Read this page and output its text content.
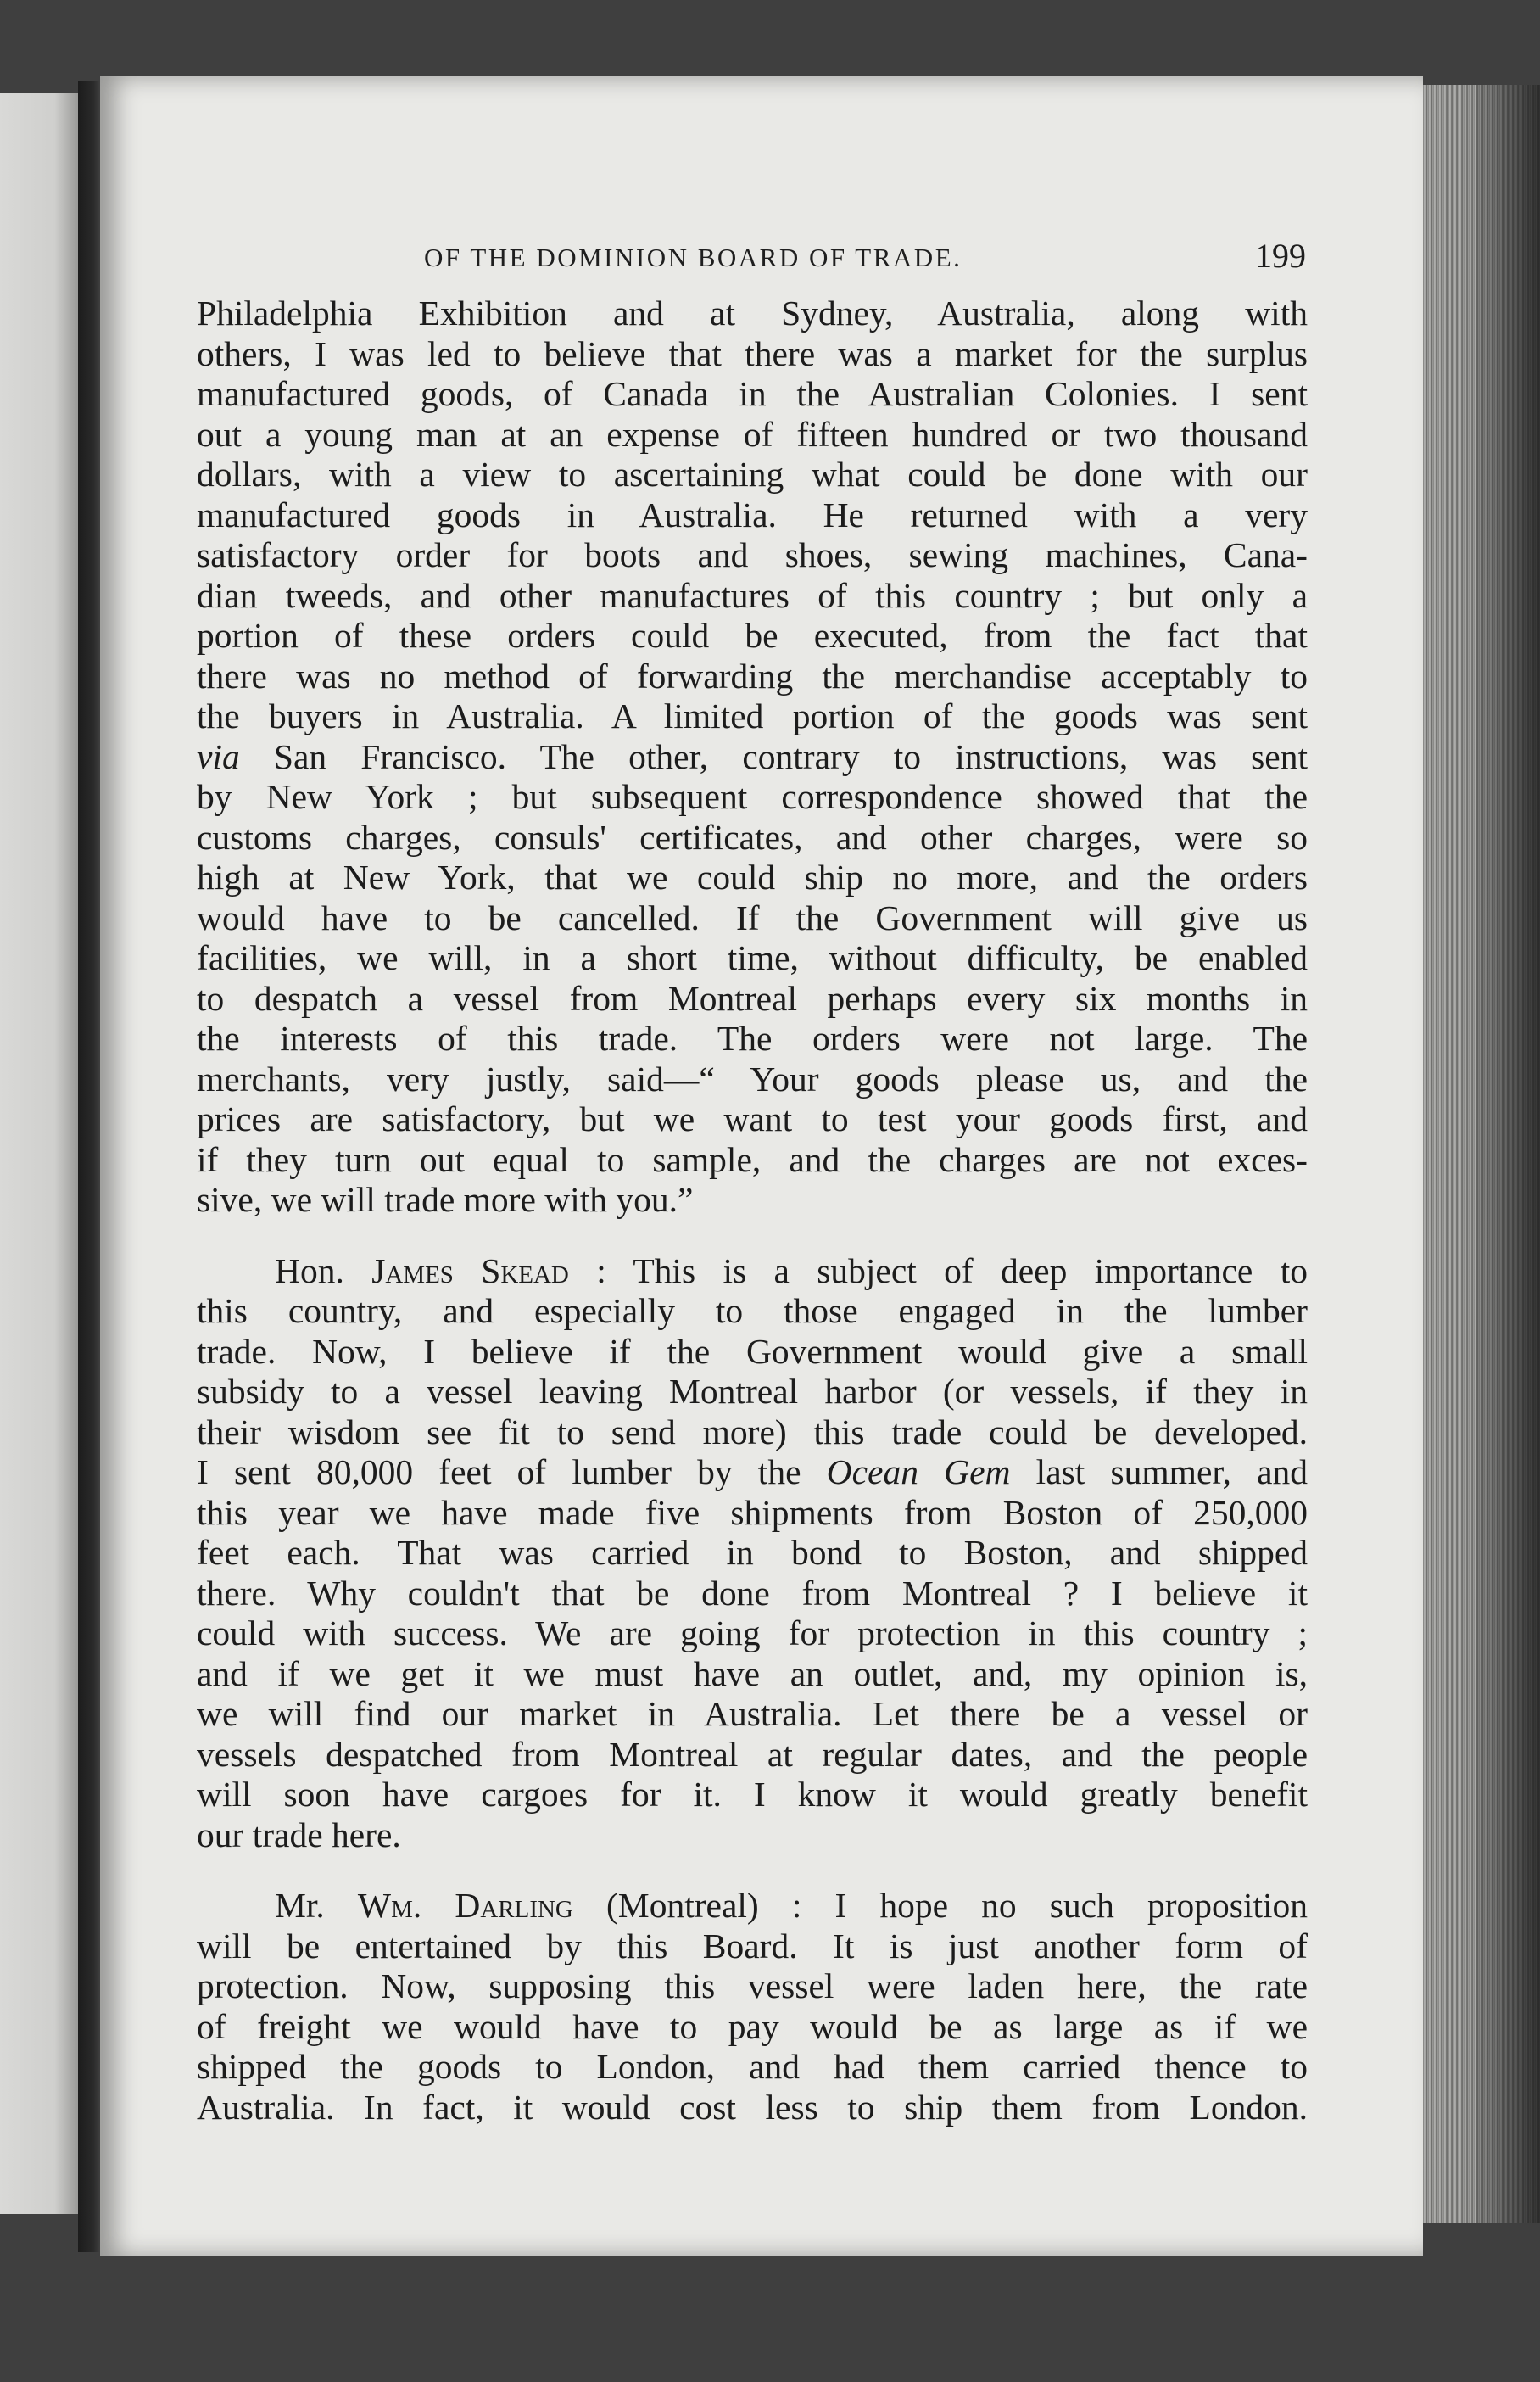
OF THE DOMINION BOARD OF TRADE.	199
Philadelphia Exhibition and at Sydney, Australia, along with
others, I was led to believe that there was a market for the surplus
manufactured goods, of Canada in the Australian Colonies. I sent
out a young man at an expense of fifteen hundred or two thousand
dollars, with a view to ascertaining what could be done with our
manufactured goods in Australia. He returned with a very
satisfactory order for boots and shoes, sewing machines, Cana-
dian tweeds, and other manufactures of this country ; but only a
portion of these orders could be executed, from the fact that
there was no method of forwarding the merchandise acceptably to
the buyers in Australia. A limited portion of the goods was sent
via San Francisco. The other, contrary to instructions, was sent
by New York ; but subsequent correspondence showed that the
customs charges, consuls' certificates, and other charges, were so
high at New York, that we could ship no more, and the orders
would have to be cancelled. If the Government will give us
facilities, we will, in a short time, without difficulty, be enabled
to despatch a vessel from Montreal perhaps every six months in
the interests of this trade. The orders were not large. The
merchants, very justly, said—“ Your goods please us, and the
prices are satisfactory, but we want to test your goods first, and
if they turn out equal to sample, and the charges are not exces-
sive, we will trade more with you.”
Hon. James Skead : This is a subject of deep importance to
this country, and especially to those engaged in the lumber
trade. Now, I believe if the Government would give a small
subsidy to a vessel leaving Montreal harbor (or vessels, if they in
their wisdom see fit to send more) this trade could be developed.
I sent 80,000 feet of lumber by the Ocean Gem last summer, and
this year we have made five shipments from Boston of 250,000
feet each. That was carried in bond to Boston, and shipped
there. Why couldn't that be done from Montreal ? I believe it
could with success. We are going for protection in this country ;
and if we get it we must have an outlet, and, my opinion is,
we will find our market in Australia. Let there be a vessel or
vessels despatched from Montreal at regular dates, and the people
will soon have cargoes for it. I know it would greatly benefit
our trade here.
Mr. Wm. Darling (Montreal) : I hope no such proposition
will be entertained by this Board. It is just another form of
protection. Now, supposing this vessel were laden here, the rate
of freight we would have to pay would be as large as if we
shipped the goods to London, and had them carried thence to
Australia. In fact, it would cost less to ship them from London.
